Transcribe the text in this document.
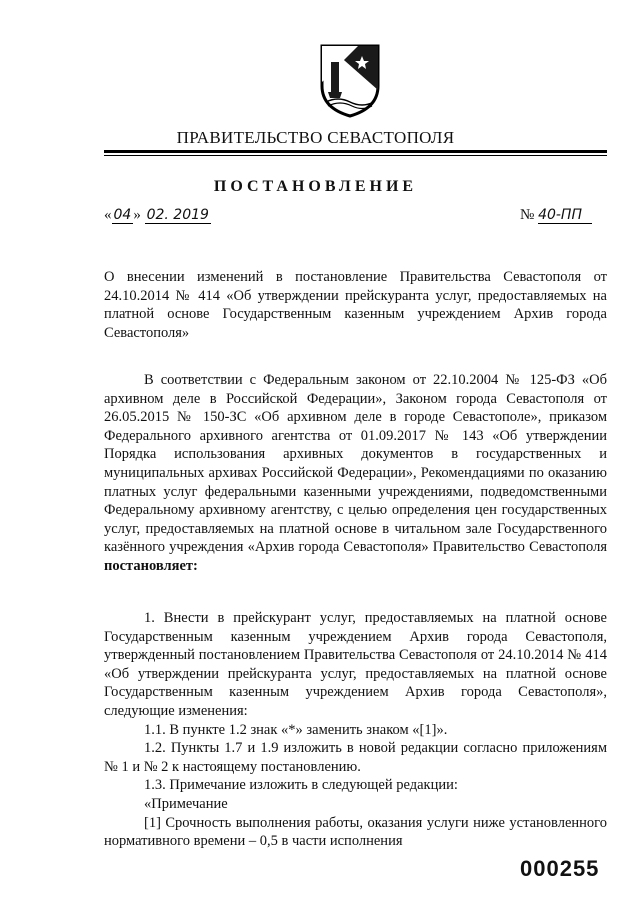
ПРАВИТЕЛЬСТВО СЕВАСТОПОЛЯ
ПОСТАНОВЛЕНИЕ
« 04 » 02. 2019	№ 40-ПП

О внесении изменений в постановление Правительства Севастополя от 24.10.2014 № 414 «Об утверждении прейскуранта услуг, предоставляемых на платной основе Государственным казенным учреждением Архив города Севастополя»

В соответствии с Федеральным законом от 22.10.2004 № 125-ФЗ «Об архивном деле в Российской Федерации», Законом города Севастополя от 26.05.2015 № 150-ЗС «Об архивном деле в городе Севастополе», приказом Федерального архивного агентства от 01.09.2017 № 143 «Об утверждении Порядка использования архивных документов в государственных и муниципальных архивах Российской Федерации», Рекомендациями по оказанию платных услуг федеральными казенными учреждениями, подведомственными Федеральному архивному агентству, с целью определения цен государственных услуг, предоставляемых на платной основе в читальном зале Государственного казённого учреждения «Архив города Севастополя» Правительство Севастополя постановляет:

1. Внести в прейскурант услуг, предоставляемых на платной основе Государственным казенным учреждением Архив города Севастополя, утвержденный постановлением Правительства Севастополя от 24.10.2014 № 414 «Об утверждении прейскуранта услуг, предоставляемых на платной основе Государственным казенным учреждением Архив города Севастополя», следующие изменения:
1.1. В пункте 1.2 знак «*» заменить знаком «[1]».
1.2. Пункты 1.7 и 1.9 изложить в новой редакции согласно приложениям № 1 и № 2 к настоящему постановлению.
1.3. Примечание изложить в следующей редакции:
«Примечание
[1] Срочность выполнения работы, оказания услуги ниже установленного нормативного времени – 0,5 в части исполнения
000255
